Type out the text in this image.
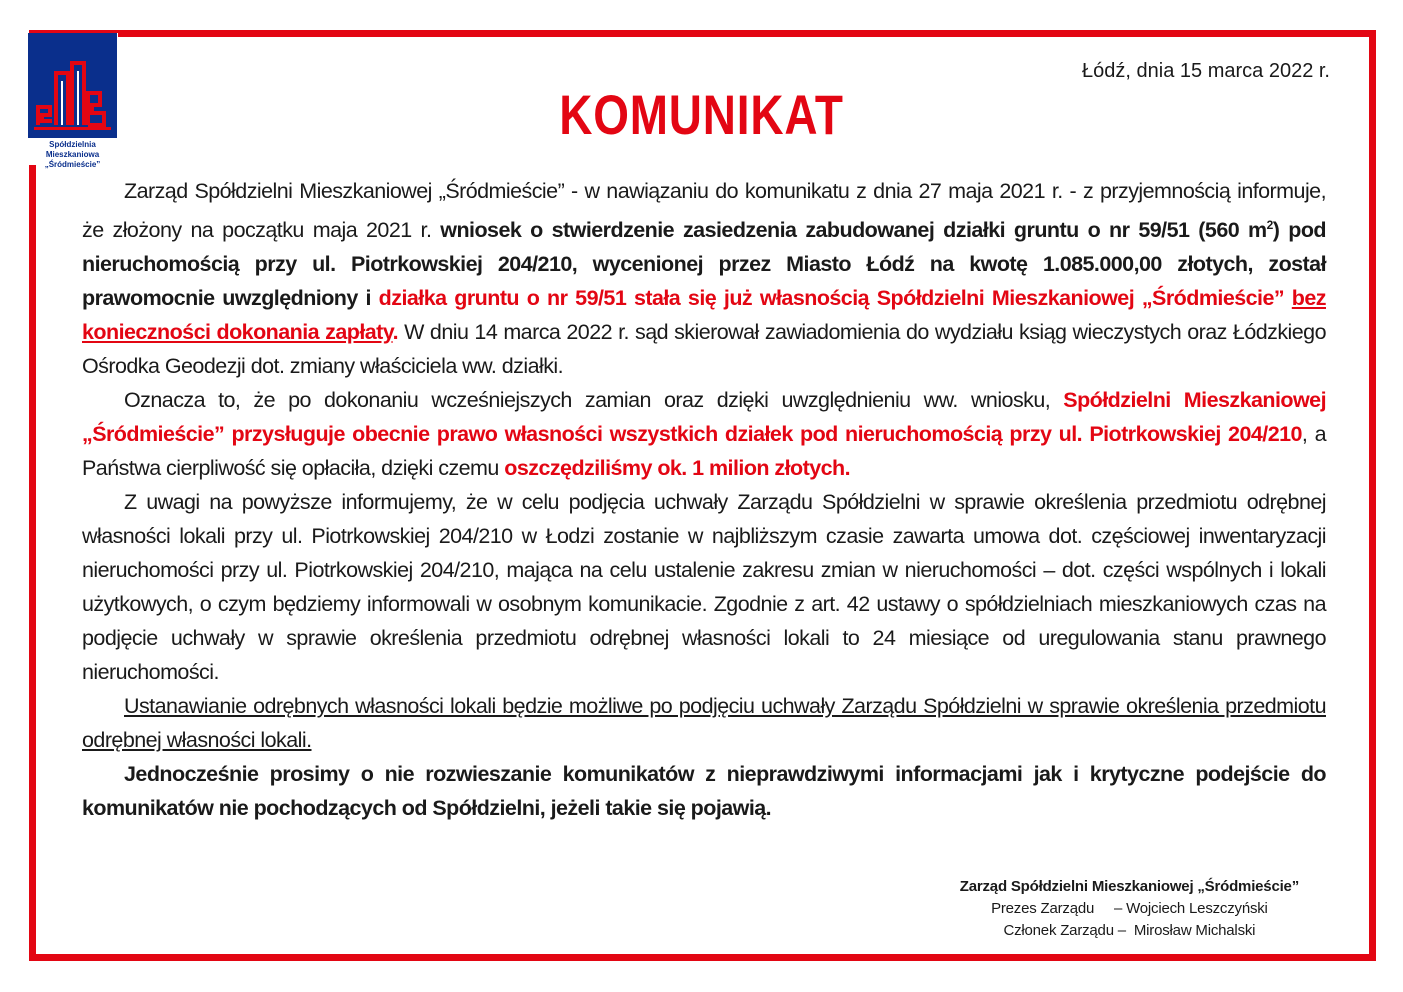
Spółdzielnia Mieszkaniowa
„Śródmieście”
Łódź, dnia 15 marca 2022 r.
KOMUNIKAT

Zarząd Spółdzielni Mieszkaniowej „Śródmieście” - w nawiązaniu do komunikatu z dnia 27 maja 2021 r. - z przyjemnością informuje, że złożony na początku maja 2021 r. wniosek o stwierdzenie zasiedzenia zabudowanej działki gruntu o nr 59/51 (560 $m^2$) pod nieruchomością przy ul. Piotrkowskiej 204/210, wycenionej przez Miasto Łódź na kwotę 1.085.000,00 złotych, został prawomocnie uwzględniony i działka gruntu o nr 59/51 stała się już własnością Spółdzielni Mieszkaniowej „Śródmieście” bez konieczności dokonania zapłaty. W dniu 14 marca 2022 r. sąd skierował zawiadomienia do wydziału ksiąg wieczystych oraz Łódzkiego Ośrodka Geodezji dot. zmiany właściciela ww. działki.

Oznacza to, że po dokonaniu wcześniejszych zamian oraz dzięki uwzględnieniu ww. wniosku, Spółdzielni Mieszkaniowej „Śródmieście” przysługuje obecnie prawo własności wszystkich działek pod nieruchomością przy ul. Piotrkowskiej 204/210, a Państwa cierpliwość się opłaciła, dzięki czemu oszczędziliśmy ok. 1 milion złotych.

Z uwagi na powyższe informujemy, że w celu podjęcia uchwały Zarządu Spółdzielni w sprawie określenia przedmiotu odrębnej własności lokali przy ul. Piotrkowskiej 204/210 w Łodzi zostanie w najbliższym czasie zawarta umowa dot. częściowej inwentaryzacji nieruchomości przy ul. Piotrkowskiej 204/210, mająca na celu ustalenie zakresu zmian w nieruchomości – dot. części wspólnych i lokali użytkowych, o czym będziemy informowali w osobnym komunikacie. Zgodnie z art. 42 ustawy o spółdzielniach mieszkaniowych czas na podjęcie uchwały w sprawie określenia przedmiotu odrębnej własności lokali to 24 miesiące od uregulowania stanu prawnego nieruchomości.

Ustanawianie odrębnych własności lokali będzie możliwe po podjęciu uchwały Zarządu Spółdzielni w sprawie określenia przedmiotu odrębnej własności lokali.

Jednocześnie prosimy o nie rozwieszanie komunikatów z nieprawdziwymi informacjami jak i krytyczne podejście do komunikatów nie pochodzących od Spółdzielni, jeżeli takie się pojawią.

Zarząd Spółdzielni Mieszkaniowej „Śródmieście”
Prezes Zarządu     – Wojciech Leszczyński
Członek Zarządu –  Mirosław Michalski
